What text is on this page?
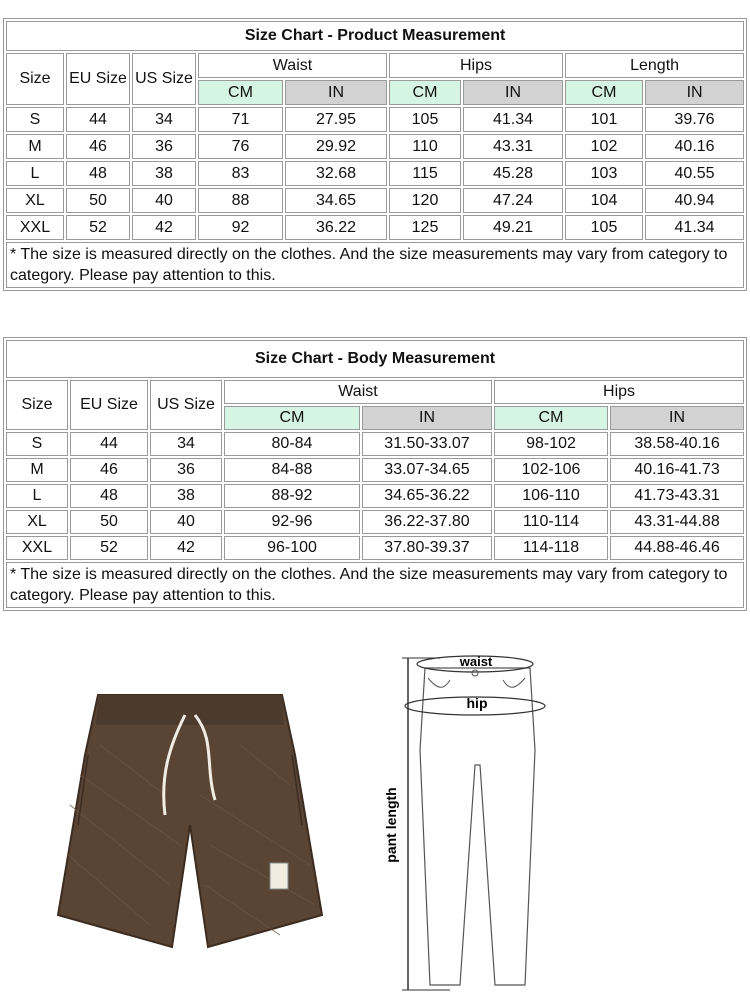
Size Chart - Product Measurement								
Size	EU Size	US Size	Waist		Hips		Length	
			CM	IN	CM	IN	CM	IN
S	44	34	71	27.95	105	41.34	101	39.76
M	46	36	76	29.92	110	43.31	102	40.16
L	48	38	83	32.68	115	45.28	103	40.55
XL	50	40	88	34.65	120	47.24	104	40.94
XXL	52	42	92	36.22	125	49.21	105	41.34
* The size is measured directly on the clothes. And the size measurements may vary from category to category. Please pay attention to this.								
Size Chart - Body Measurement						
Size	EU Size	US Size	Waist		Hips	
			CM	IN	CM	IN
S	44	34	80-84	31.50-33.07	98-102	38.58-40.16
M	46	36	84-88	33.07-34.65	102-106	40.16-41.73
L	48	38	88-92	34.65-36.22	106-110	41.73-43.31
XL	50	40	92-96	36.22-37.80	110-114	43.31-44.88
XXL	52	42	96-100	37.80-39.37	114-118	44.88-46.46
* The size is measured directly on the clothes. And the size measurements may vary from category to category. Please pay attention to this.						
waist
hip
pant length
